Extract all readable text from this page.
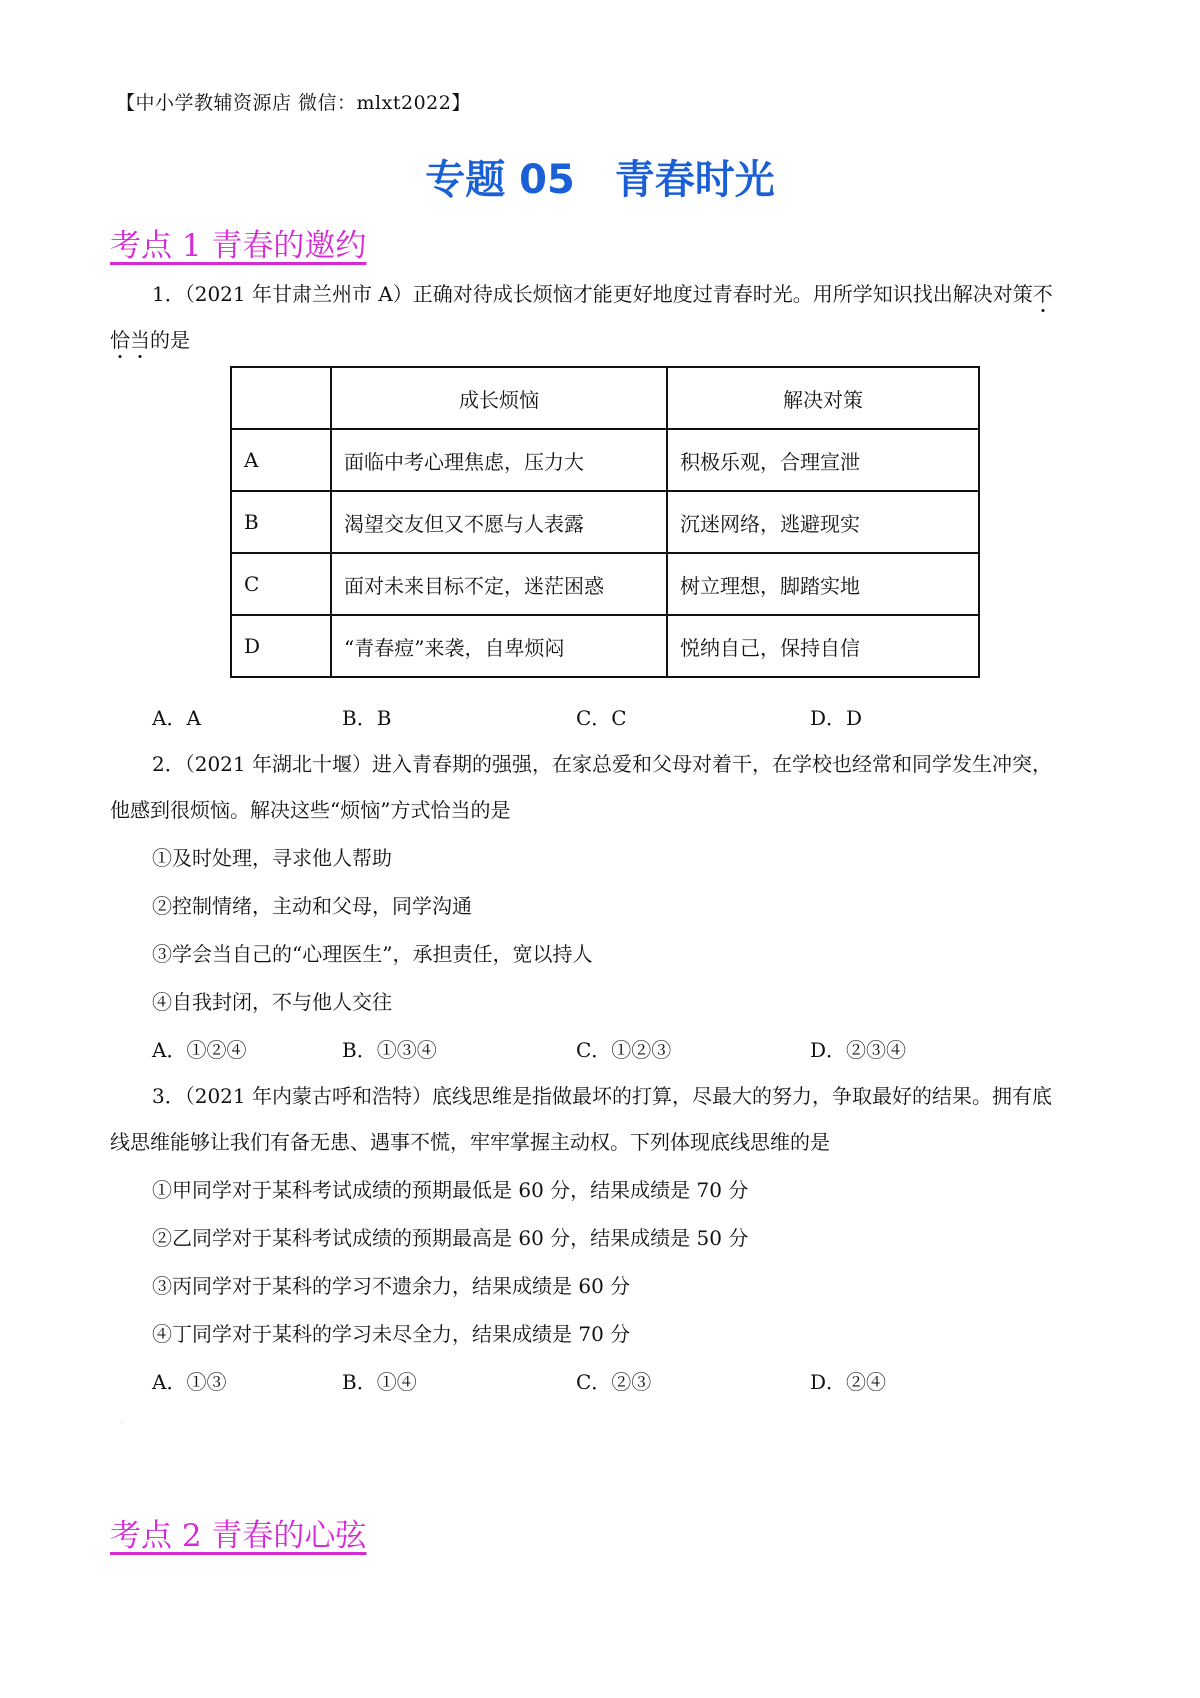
【中小学教辅资源店 微信：mlxt2022】
专题 05 青春时光
考点 1 青春的邀约
1．（2021 年甘肃兰州市 A）正确对待成长烦恼才能更好地度过青春时光。用所学知识找出解决对策不
恰当的是
	成长烦恼	解决对策
A	面临中考心理焦虑，压力大	积极乐观，合理宣泄
B	渴望交友但又不愿与人表露	沉迷网络，逃避现实
C	面对未来目标不定，迷茫困惑	树立理想，脚踏实地
D	“青春痘”来袭，自卑烦闷	悦纳自己，保持自信
A．A	B．B	C．C	D．D
2．（2021 年湖北十堰）进入青春期的强强，在家总爱和父母对着干，在学校也经常和同学发生冲突，
他感到很烦恼。解决这些“烦恼”方式恰当的是
①及时处理，寻求他人帮助
②控制情绪，主动和父母，同学沟通
③学会当自己的“心理医生”，承担责任，宽以持人
④自我封闭，不与他人交往
A．①②④	B．①③④	C．①②③	D．②③④
3．（2021 年内蒙古呼和浩特）底线思维是指做最坏的打算，尽最大的努力，争取最好的结果。拥有底
线思维能够让我们有备无患、遇事不慌，牢牢掌握主动权。下列体现底线思维的是
①甲同学对于某科考试成绩的预期最低是 60 分，结果成绩是 70 分
②乙同学对于某科考试成绩的预期最高是 60 分，结果成绩是 50 分
③丙同学对于某科的学习不遗余力，结果成绩是 60 分
④丁同学对于某科的学习未尽全力，结果成绩是 70 分
A．①③	B．①④	C．②③	D．②④
·
考点 2 青春的心弦
